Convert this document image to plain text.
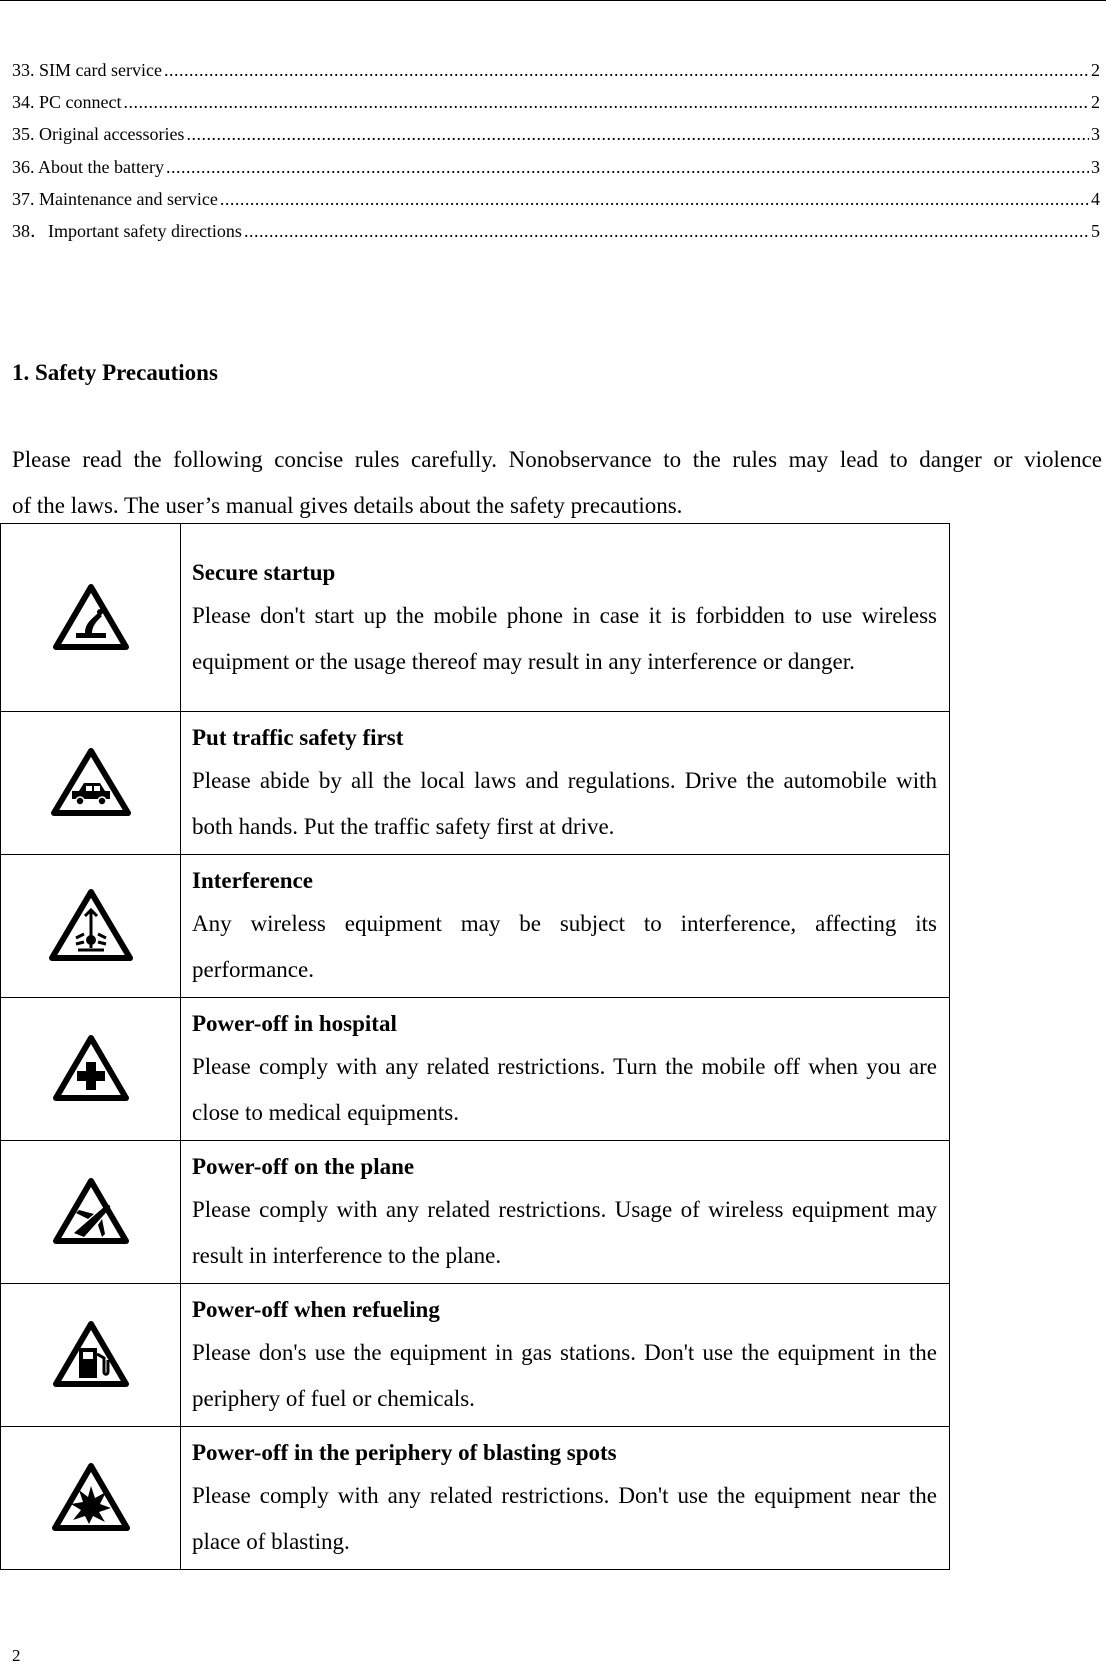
33. SIM card service .....	2
34. PC connect .....	2
35. Original accessories .....	3
36. About the battery .....	3
37. Maintenance and service .....	4
38．Important safety directions .....	5
1. Safety Precautions

Please read the following concise rules carefully. Nonobservance to the rules may lead to danger or violence
of the laws. The user’s manual gives details about the safety precautions.

Secure startup
Please don't start up the mobile phone in case it is forbidden to use wireless equipment or the usage thereof may result in any interference or danger.

Put traffic safety first
Please abide by all the local laws and regulations. Drive the automobile with both hands. Put the traffic safety first at drive.

Interference
Any wireless equipment may be subject to interference, affecting its performance.

Power-off in hospital
Please comply with any related restrictions. Turn the mobile off when you are close to medical equipments.

Power-off on the plane
Please comply with any related restrictions. Usage of wireless equipment may result in interference to the plane.

Power-off when refueling
Please don's use the equipment in gas stations. Don't use the equipment in the periphery of fuel or chemicals.

Power-off in the periphery of blasting spots
Please comply with any related restrictions. Don't use the equipment near the place of blasting.
2
